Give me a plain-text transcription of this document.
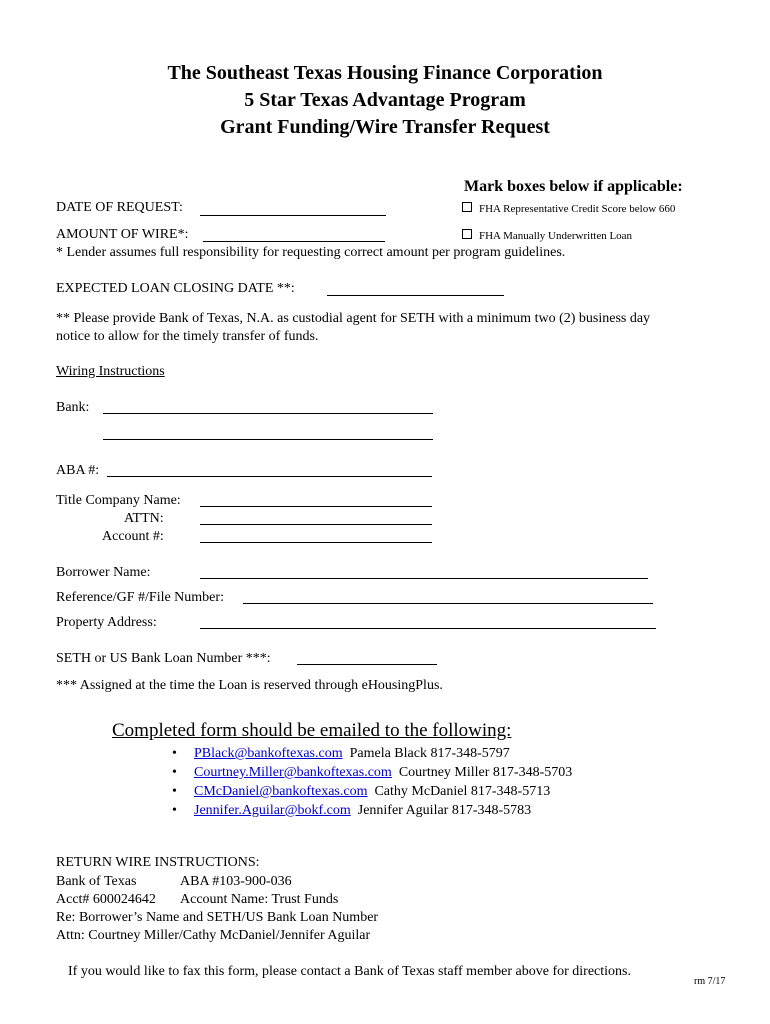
The Southeast Texas Housing Finance Corporation
5 Star Texas Advantage Program
Grant Funding/Wire Transfer Request
Mark boxes below if applicable:
FHA Representative Credit Score below 660
FHA Manually Underwritten Loan
DATE OF REQUEST:
AMOUNT OF WIRE*:
* Lender assumes full responsibility for requesting correct amount per program guidelines.
EXPECTED LOAN CLOSING DATE **:
** Please provide Bank of Texas, N.A. as custodial agent for SETH with a minimum two (2) business day
notice to allow for the timely transfer of funds.
Wiring Instructions
Bank:
ABA #:
Title Company Name:
ATTN:
Account #:
Borrower Name:
Reference/GF #/File Number:
Property Address:
SETH or US Bank Loan Number ***:
*** Assigned at the time the Loan is reserved through eHousingPlus.
Completed form should be emailed to the following:
• PBlack@bankoftexas.com Pamela Black 817-348-5797
• Courtney.Miller@bankoftexas.com Courtney Miller 817-348-5703
• CMcDaniel@bankoftexas.com Cathy McDaniel 817-348-5713
• Jennifer.Aguilar@bokf.com Jennifer Aguilar 817-348-5783
RETURN WIRE INSTRUCTIONS:
Bank of Texas	ABA #103-900-036
Acct# 600024642 Account Name: Trust Funds
Re: Borrower’s Name and SETH/US Bank Loan Number
Attn: Courtney Miller/Cathy McDaniel/Jennifer Aguilar
If you would like to fax this form, please contact a Bank of Texas staff member above for directions.
rm 7/17
